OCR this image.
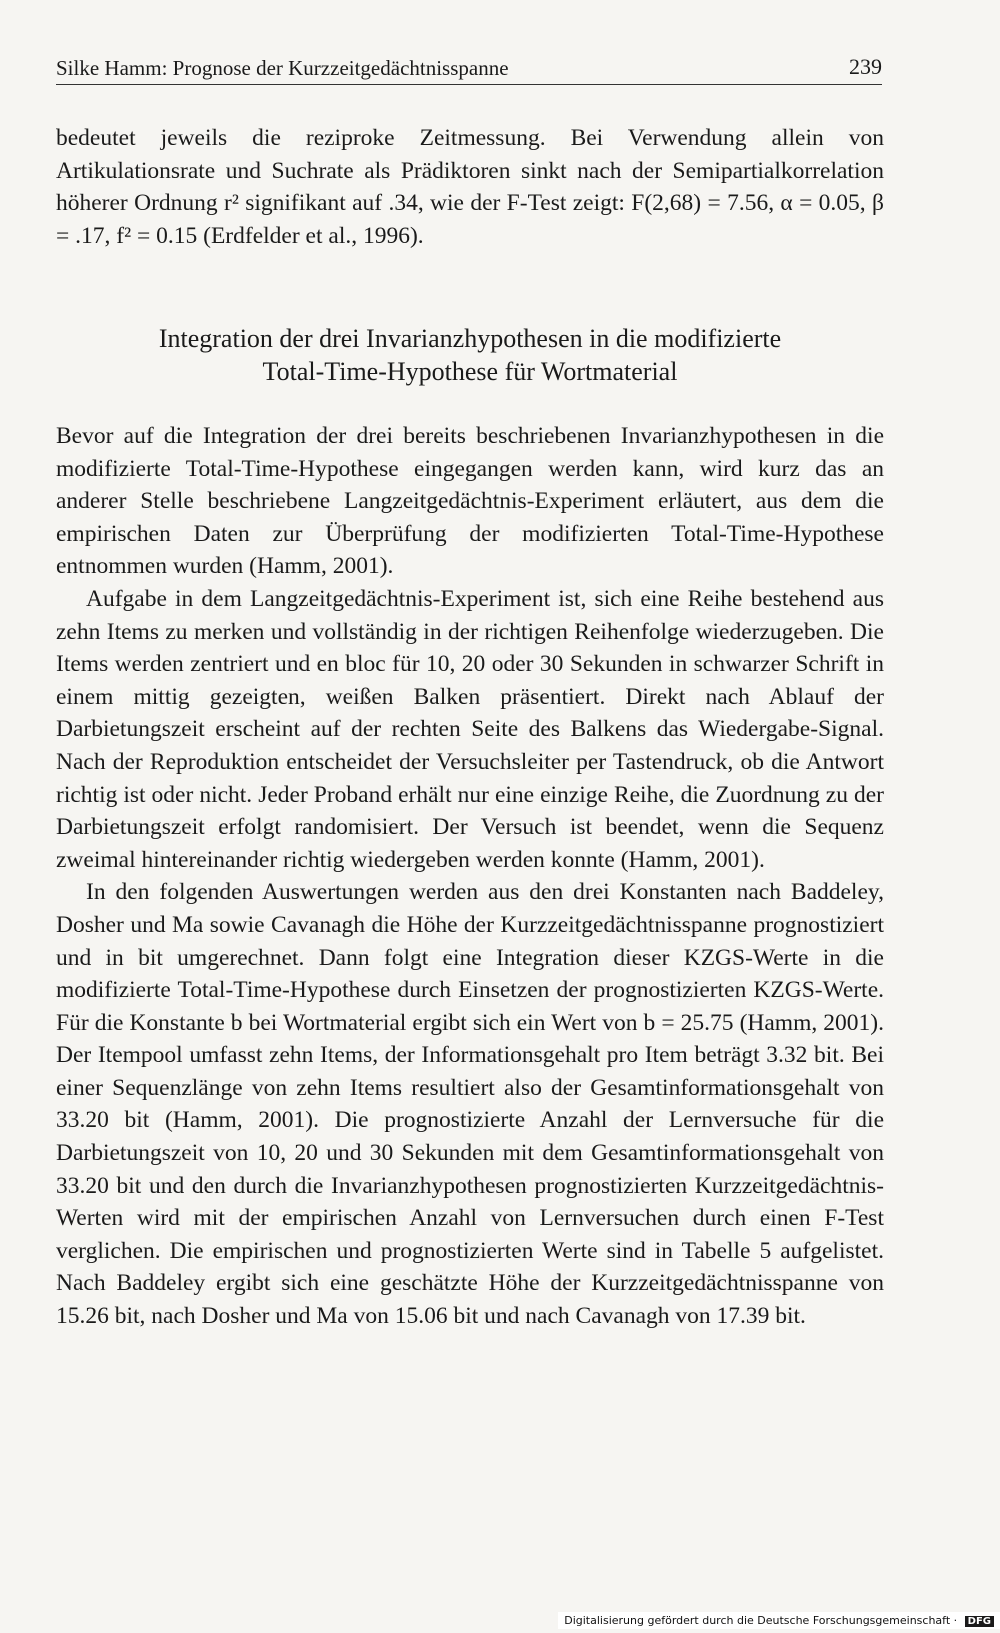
Silke Hamm: Prognose der Kurzzeitgedächtnisspanne	239

bedeutet jeweils die reziproke Zeitmessung. Bei Verwendung allein von Artikulationsrate und Suchrate als Prädiktoren sinkt nach der Semipartialkorrelation höherer Ordnung r² signifikant auf .34, wie der F-Test zeigt: F(2,68) = 7.56, α = 0.05, β = .17, f² = 0.15 (Erdfelder et al., 1996).

Integration der drei Invarianzhypothesen in die modifizierte
Total-Time-Hypothese für Wortmaterial

Bevor auf die Integration der drei bereits beschriebenen Invarianzhypothesen in die modifizierte Total-Time-Hypothese eingegangen werden kann, wird kurz das an anderer Stelle beschriebene Langzeitgedächtnis-Experiment erläutert, aus dem die empirischen Daten zur Überprüfung der modifizierten Total-Time-Hypothese entnommen wurden (Hamm, 2001).

Aufgabe in dem Langzeitgedächtnis-Experiment ist, sich eine Reihe bestehend aus zehn Items zu merken und vollständig in der richtigen Reihenfolge wiederzugeben. Die Items werden zentriert und en bloc für 10, 20 oder 30 Sekunden in schwarzer Schrift in einem mittig gezeigten, weißen Balken präsentiert. Direkt nach Ablauf der Darbietungszeit erscheint auf der rechten Seite des Balkens das Wiedergabe-Signal. Nach der Reproduktion entscheidet der Versuchsleiter per Tastendruck, ob die Antwort richtig ist oder nicht. Jeder Proband erhält nur eine einzige Reihe, die Zuordnung zu der Darbietungszeit erfolgt randomisiert. Der Versuch ist beendet, wenn die Sequenz zweimal hintereinander richtig wiedergeben werden konnte (Hamm, 2001).

In den folgenden Auswertungen werden aus den drei Konstanten nach Baddeley, Dosher und Ma sowie Cavanagh die Höhe der Kurzzeitgedächtnisspanne prognostiziert und in bit umgerechnet. Dann folgt eine Integration dieser KZGS-Werte in die modifizierte Total-Time-Hypothese durch Einsetzen der prognostizierten KZGS-Werte. Für die Konstante b bei Wortmaterial ergibt sich ein Wert von b = 25.75 (Hamm, 2001). Der Itempool umfasst zehn Items, der Informationsgehalt pro Item beträgt 3.32 bit. Bei einer Sequenzlänge von zehn Items resultiert also der Gesamtinformationsgehalt von 33.20 bit (Hamm, 2001). Die prognostizierte Anzahl der Lernversuche für die Darbietungszeit von 10, 20 und 30 Sekunden mit dem Gesamtinformationsgehalt von 33.20 bit und den durch die Invarianzhypothesen prognostizierten Kurzzeitgedächtnis-Werten wird mit der empirischen Anzahl von Lernversuchen durch einen F-Test verglichen. Die empirischen und prognostizierten Werte sind in Tabelle 5 aufgelistet. Nach Baddeley ergibt sich eine geschätzte Höhe der Kurzzeitgedächtnisspanne von 15.26 bit, nach Dosher und Ma von 15.06 bit und nach Cavanagh von 17.39 bit.

Digitalisierung gefördert durch die Deutsche Forschungsgemeinschaft · DFG
